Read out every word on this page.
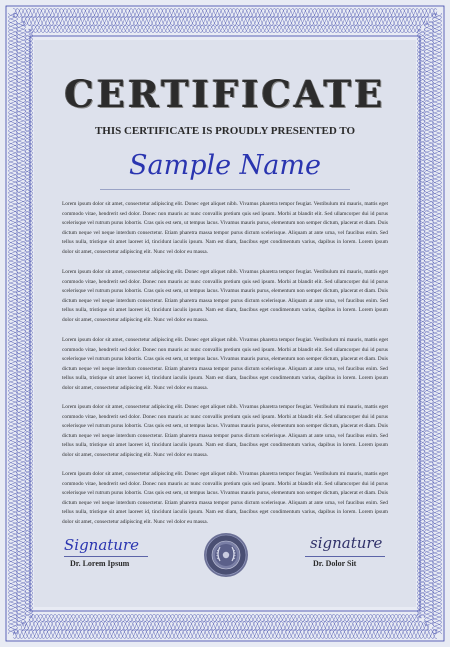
CERTIFICATE
THIS CERTIFICATE IS PROUDLY PRESENTED TO
Sample Name

Lorem ipsum dolor sit amet, consectetur adipiscing elit. Donec eget aliquet nibh. Vivamus pharetra tempor feugiat. Vestibulum mi mauris, mattis eget commodo vitae, hendrerit sed dolor. Donec non mauris ac nunc convallis pretium quis sed ipsum. Morbi at blandit elit. Sed ullamcorper dui id purus scelerisque vel rutrum purus lobortis. Cras quis est sem, ut tempus lacus. Vivamus mauris purus, elementum non semper dictum, placerat et diam. Duis dictum neque vel neque interdum consectetur. Etiam pharetra massa tempor purus dictum scelerisque. Aliquam at ante urna, vel faucibus enim. Sed tellus nulla, tristique sit amet laoreet id, tincidunt iaculis ipsum. Nam est diam, faucibus eget condimentum varius, dapibus in lorem. Lorem ipsum dolor sit amet, consectetur adipiscing elit. Nunc vel dolor eu massa.

Lorem ipsum dolor sit amet, consectetur adipiscing elit. Donec eget aliquet nibh. Vivamus pharetra tempor feugiat. Vestibulum mi mauris, mattis eget commodo vitae, hendrerit sed dolor. Donec non mauris ac nunc convallis pretium quis sed ipsum. Morbi at blandit elit. Sed ullamcorper dui id purus scelerisque vel rutrum purus lobortis. Cras quis est sem, ut tempus lacus. Vivamus mauris purus, elementum non semper dictum, placerat et diam. Duis dictum neque vel neque interdum consectetur. Etiam pharetra massa tempor purus dictum scelerisque. Aliquam at ante urna, vel faucibus enim. Sed tellus nulla, tristique sit amet laoreet id, tincidunt iaculis ipsum. Nam est diam, faucibus eget condimentum varius, dapibus in lorem. Lorem ipsum dolor sit amet, consectetur adipiscing elit. Nunc vel dolor eu massa.

Lorem ipsum dolor sit amet, consectetur adipiscing elit. Donec eget aliquet nibh. Vivamus pharetra tempor feugiat. Vestibulum mi mauris, mattis eget commodo vitae, hendrerit sed dolor. Donec non mauris ac nunc convallis pretium quis sed ipsum. Morbi at blandit elit. Sed ullamcorper dui id purus scelerisque vel rutrum purus lobortis. Cras quis est sem, ut tempus lacus. Vivamus mauris purus, elementum non semper dictum, placerat et diam. Duis dictum neque vel neque interdum consectetur. Etiam pharetra massa tempor purus dictum scelerisque. Aliquam at ante urna, vel faucibus enim. Sed tellus nulla, tristique sit amet laoreet id, tincidunt iaculis ipsum. Nam est diam, faucibus eget condimentum varius, dapibus in lorem. Lorem ipsum dolor sit amet, consectetur adipiscing elit. Nunc vel dolor eu massa.

Lorem ipsum dolor sit amet, consectetur adipiscing elit. Donec eget aliquet nibh. Vivamus pharetra tempor feugiat. Vestibulum mi mauris, mattis eget commodo vitae, hendrerit sed dolor. Donec non mauris ac nunc convallis pretium quis sed ipsum. Morbi at blandit elit. Sed ullamcorper dui id purus scelerisque vel rutrum purus lobortis. Cras quis est sem, ut tempus lacus. Vivamus mauris purus, elementum non semper dictum, placerat et diam. Duis dictum neque vel neque interdum consectetur. Etiam pharetra massa tempor purus dictum scelerisque. Aliquam at ante urna, vel faucibus enim. Sed tellus nulla, tristique sit amet laoreet id, tincidunt iaculis ipsum. Nam est diam, faucibus eget condimentum varius, dapibus in lorem. Lorem ipsum dolor sit amet, consectetur adipiscing elit. Nunc vel dolor eu massa.

Lorem ipsum dolor sit amet, consectetur adipiscing elit. Donec eget aliquet nibh. Vivamus pharetra tempor feugiat. Vestibulum mi mauris, mattis eget commodo vitae, hendrerit sed dolor. Donec non mauris ac nunc convallis pretium quis sed ipsum. Morbi at blandit elit. Sed ullamcorper dui id purus scelerisque vel rutrum purus lobortis. Cras quis est sem, ut tempus lacus. Vivamus mauris purus, elementum non semper dictum, placerat et diam. Duis dictum neque vel neque interdum consectetur. Etiam pharetra massa tempor purus dictum scelerisque. Aliquam at ante urna, vel faucibus enim. Sed tellus nulla, tristique sit amet laoreet id, tincidunt iaculis ipsum. Nam est diam, faucibus eget condimentum varius, dapibus in lorem. Lorem ipsum dolor sit amet, consectetur adipiscing elit. Nunc vel dolor eu massa.

Signature
Dr. Lorem Ipsum
signature
Dr. Dolor Sit
